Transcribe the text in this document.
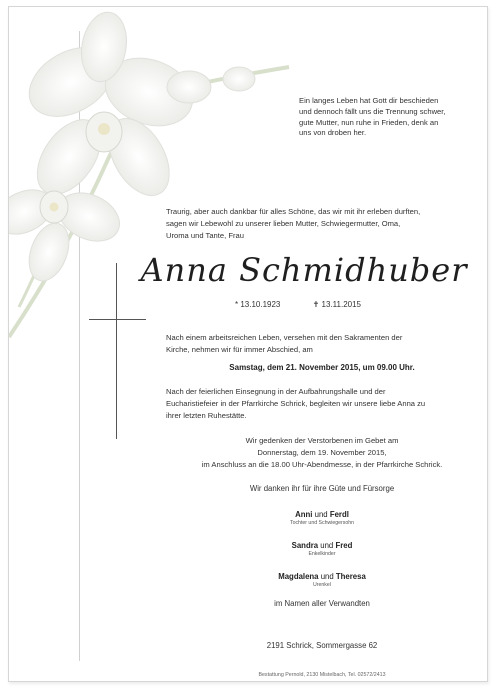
Ein langes Leben hat Gott dir beschieden
und dennoch fällt uns die Trennung schwer,
gute Mutter, nun ruhe in Frieden, denk an
uns von droben her.
Traurig, aber auch dankbar für alles Schöne, das wir mit ihr erleben durften,
sagen wir Lebewohl zu unserer lieben Mutter, Schwiegermutter, Oma,
Uroma und Tante, Frau
Anna Schmidhuber
* 13.10.1923	✝ 13.11.2015
Nach einem arbeitsreichen Leben, versehen mit den Sakramenten der
Kirche, nehmen wir für immer Abschied, am
Samstag, dem 21. November 2015, um 09.00 Uhr.
Nach der feierlichen Einsegnung in der Aufbahrungshalle und der
Eucharistiefeier in der Pfarrkirche Schrick, begleiten wir unsere liebe Anna zu
ihrer letzten Ruhestätte.
Wir gedenken der Verstorbenen im Gebet am
Donnerstag, dem 19. November 2015,
im Anschluss an die 18.00 Uhr-Abendmesse, in der Pfarrkirche Schrick.
Wir danken ihr für ihre Güte und Fürsorge
Anni und Ferdl
Tochter und Schwiegersohn
Sandra und Fred
Enkelkinder
Magdalena und Theresa
Urenkel
im Namen aller Verwandten
2191 Schrick, Sommergasse 62
Bestattung Pernold, 2130 Mistelbach, Tel. 02572/2413
